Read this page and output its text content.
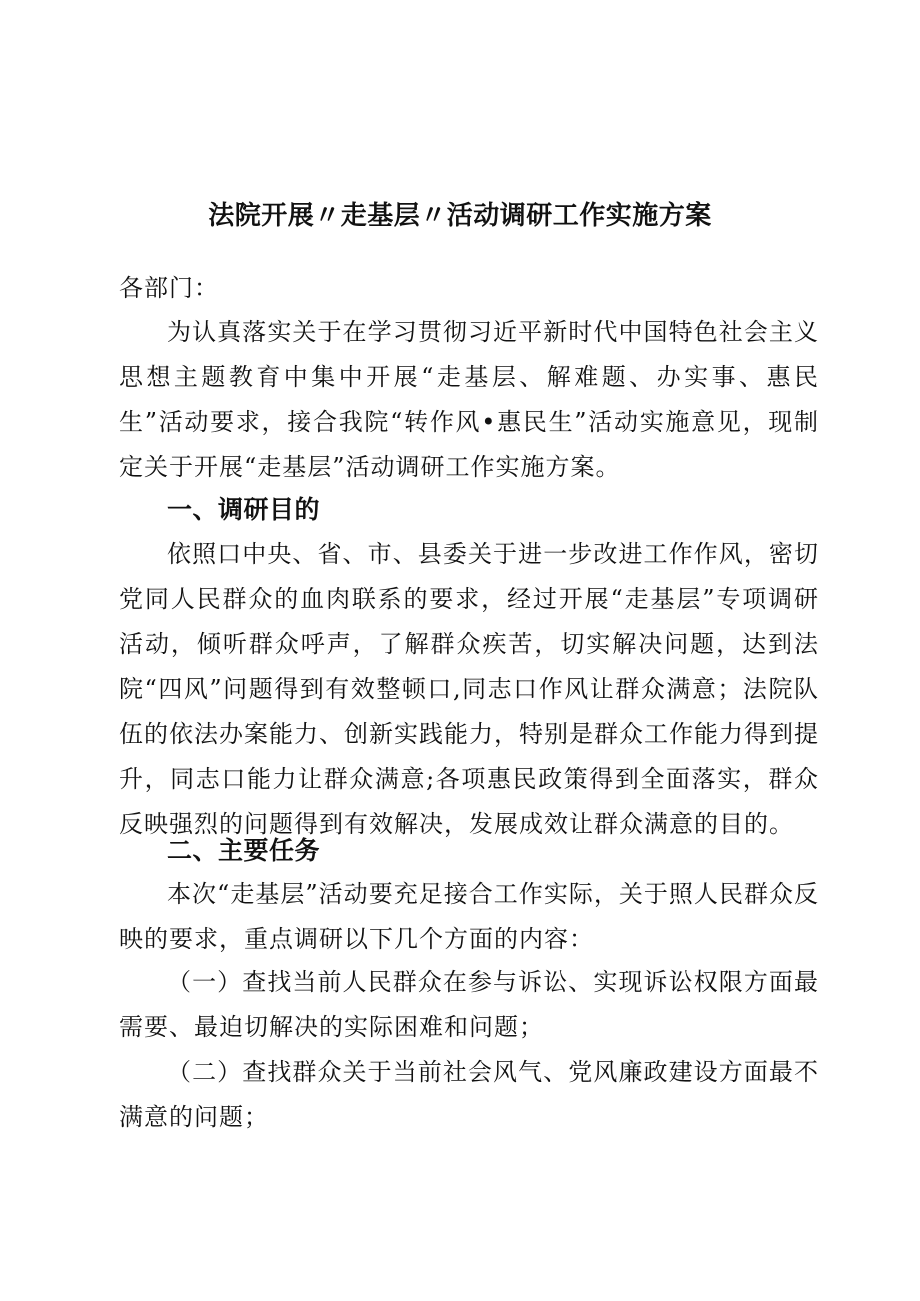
法院开展〃走基层〃活动调研工作实施方案

各部门：

为认真落实关于在学习贯彻习近平新时代中国特色社会主义思想主题教育中集中开展“走基层、解难题、办实事、惠民生”活动要求，接合我院“转作风•惠民生”活动实施意见，现制定关于开展“走基层”活动调研工作实施方案。

一、调研目的

依照口中央、省、市、县委关于进一步改进工作作风，密切党同人民群众的血肉联系的要求，经过开展“走基层”专项调研活动，倾听群众呼声，了解群众疾苦，切实解决问题，达到法院“四风”问题得到有效整顿口,同志口作风让群众满意；法院队伍的依法办案能力、创新实践能力，特别是群众工作能力得到提升，同志口能力让群众满意;各项惠民政策得到全面落实，群众反映强烈的问题得到有效解决，发展成效让群众满意的目的。

二、主要任务

本次“走基层”活动要充足接合工作实际，关于照人民群众反映的要求，重点调研以下几个方面的内容：

（一）查找当前人民群众在参与诉讼、实现诉讼权限方面最需要、最迫切解决的实际困难和问题；

（二）查找群众关于当前社会风气、党风廉政建设方面最不满意的问题；
